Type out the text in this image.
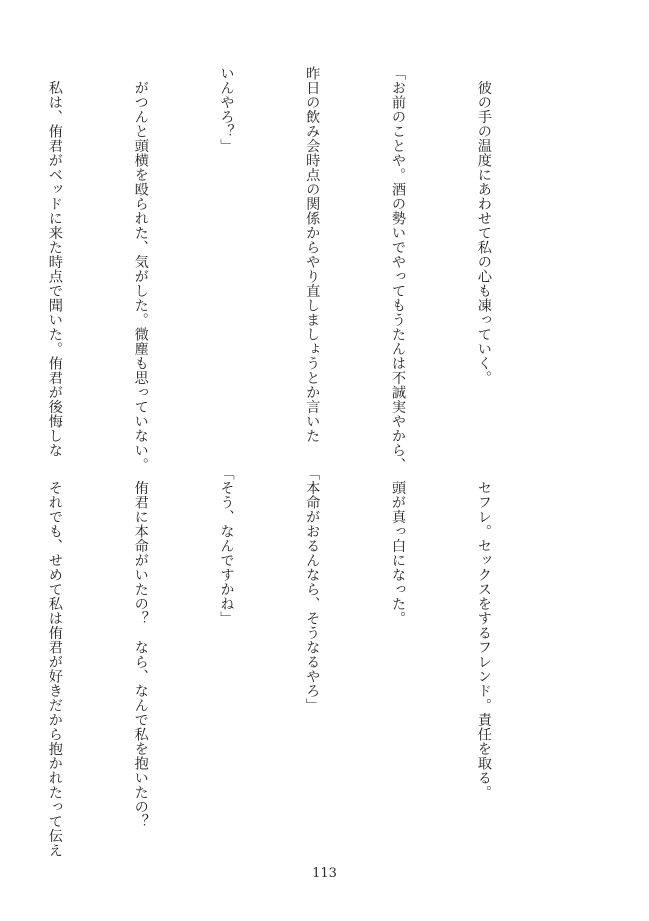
　彼の手の温度にあわせて私の心も凍っていく。

「お前のことや。酒の勢いでやってもうたんは不誠実やから、

昨日の飲み会時点の関係からやり直しましょうとか言いた

いんやろ？」

　がつんと頭横を殴られた、気がした。微塵も思っていない。

　私は、侑君がベッドに来た時点で聞いた。侑君が後悔しな

　セフレ。セックスをするフレンド。責任を取る。

　頭が真っ白になった。

「本命がおるんなら、そうなるやろ」

「そう、なんですかね」

　侑君に本命がいたの？　なら、なんで私を抱いたの？

　それでも、せめて私は侑君が好きだから抱かれたって伝え

113
